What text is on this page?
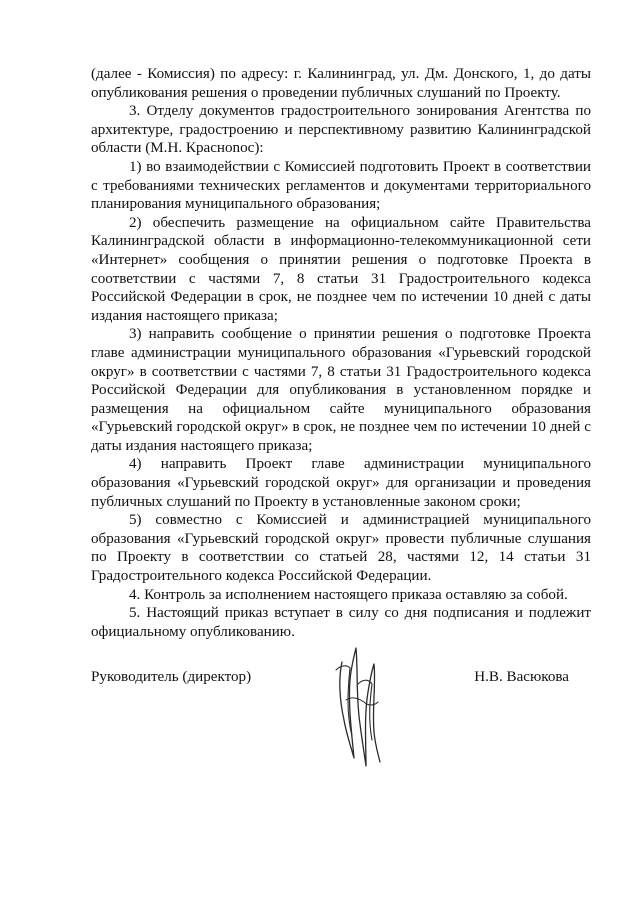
(далее - Комиссия) по адресу: г. Калининград, ул. Дм. Донского, 1, до даты опубликования решения о проведении публичных слушаний по Проекту.

3. Отделу документов градостроительного зонирования Агентства по архитектуре, градостроению и перспективному развитию Калининградской области (М.Н. Красноnoc):

1) во взаимодействии с Комиссией подготовить Проект в соответствии с требованиями технических регламентов и документами территориального планирования муниципального образования;

2) обеспечить размещение на официальном сайте Правительства Калининградской области в информационно-телекоммуникационной сети «Интернет» сообщения о принятии решения о подготовке Проекта в соответствии с частями 7, 8 статьи 31 Градостроительного кодекса Российской Федерации в срок, не позднее чем по истечении 10 дней с даты издания настоящего приказа;

3) направить сообщение о принятии решения о подготовке Проекта главе администрации муниципального образования «Гурьевский городской округ» в соответствии с частями 7, 8 статьи 31 Градостроительного кодекса Российской Федерации для опубликования в установленном порядке и размещения на официальном сайте муниципального образования «Гурьевский городской округ» в срок, не позднее чем по истечении 10 дней с даты издания настоящего приказа;

4) направить Проект главе администрации муниципального образования «Гурьевский городской округ» для организации и проведения публичных слушаний по Проекту в установленные законом сроки;

5) совместно с Комиссией и администрацией муниципального образования «Гурьевский городской округ» провести публичные слушания по Проекту в соответствии со статьей 28, частями 12, 14 статьи 31 Градостроительного кодекса Российской Федерации.

4. Контроль за исполнением настоящего приказа оставляю за собой.

5. Настоящий приказ вступает в силу со дня подписания и подлежит официальному опубликованию.

Руководитель (директор)	Н.В. Васюкова
